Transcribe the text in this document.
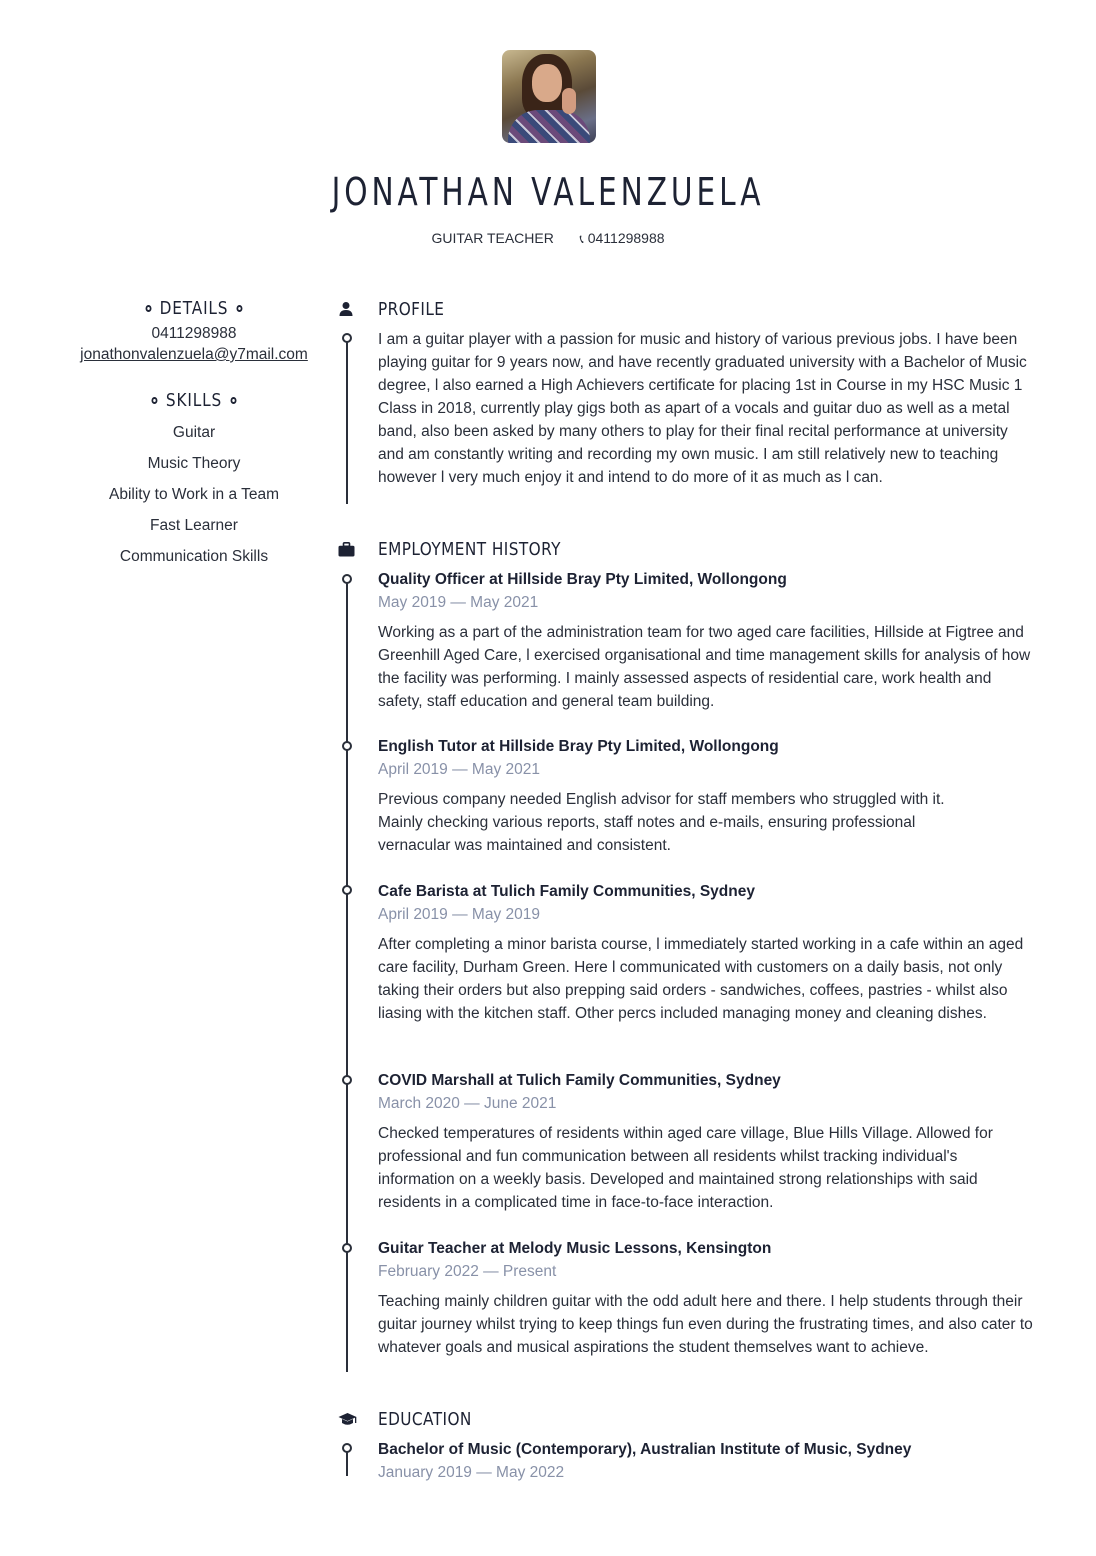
JONATHAN VALENZUELA
GUITAR TEACHER 📞︎ 0411298988
DETAILS
0411298988
jonathonvalenzuela@y7mail.com
SKILLS
Guitar
Music Theory
Ability to Work in a Team
Fast Learner
Communication Skills
PROFILE
I am a guitar player with a passion for music and history of various previous jobs. I have been playing guitar for 9 years now, and have recently graduated university with a Bachelor of Music degree, l also earned a High Achievers certificate for placing 1st in Course in my HSC Music 1 Class in 2018, currently play gigs both as apart of a vocals and guitar duo as well as a metal band, also been asked by many others to play for their final recital performance at university and am constantly writing and recording my own music. I am still relatively new to teaching however l very much enjoy it and intend to do more of it as much as l can.
EMPLOYMENT HISTORY
Quality Officer at Hillside Bray Pty Limited, Wollongong
May 2019 — May 2021
Working as a part of the administration team for two aged care facilities, Hillside at Figtree and Greenhill Aged Care, l exercised organisational and time management skills for analysis of how the facility was performing. I mainly assessed aspects of residential care, work health and safety, staff education and general team building.
English Tutor at Hillside Bray Pty Limited, Wollongong
April 2019 — May 2021
Previous company needed English advisor for staff members who struggled with it. Mainly checking various reports, staff notes and e-mails, ensuring professional vernacular was maintained and consistent.
Cafe Barista at Tulich Family Communities, Sydney
April 2019 — May 2019
After completing a minor barista course, l immediately started working in a cafe within an aged care facility, Durham Green. Here l communicated with customers on a daily basis, not only taking their orders but also prepping said orders - sandwiches, coffees, pastries - whilst also liasing with the kitchen staff. Other percs included managing money and cleaning dishes.
COVID Marshall at Tulich Family Communities, Sydney
March 2020 — June 2021
Checked temperatures of residents within aged care village, Blue Hills Village. Allowed for professional and fun communication between all residents whilst tracking individual's information on a weekly basis. Developed and maintained strong relationships with said residents in a complicated time in face-to-face interaction.
Guitar Teacher at Melody Music Lessons, Kensington
February 2022 — Present
Teaching mainly children guitar with the odd adult here and there. I help students through their guitar journey whilst trying to keep things fun even during the frustrating times, and also cater to whatever goals and musical aspirations the student themselves want to achieve.
EDUCATION
Bachelor of Music (Contemporary), Australian Institute of Music, Sydney
January 2019 — May 2022
